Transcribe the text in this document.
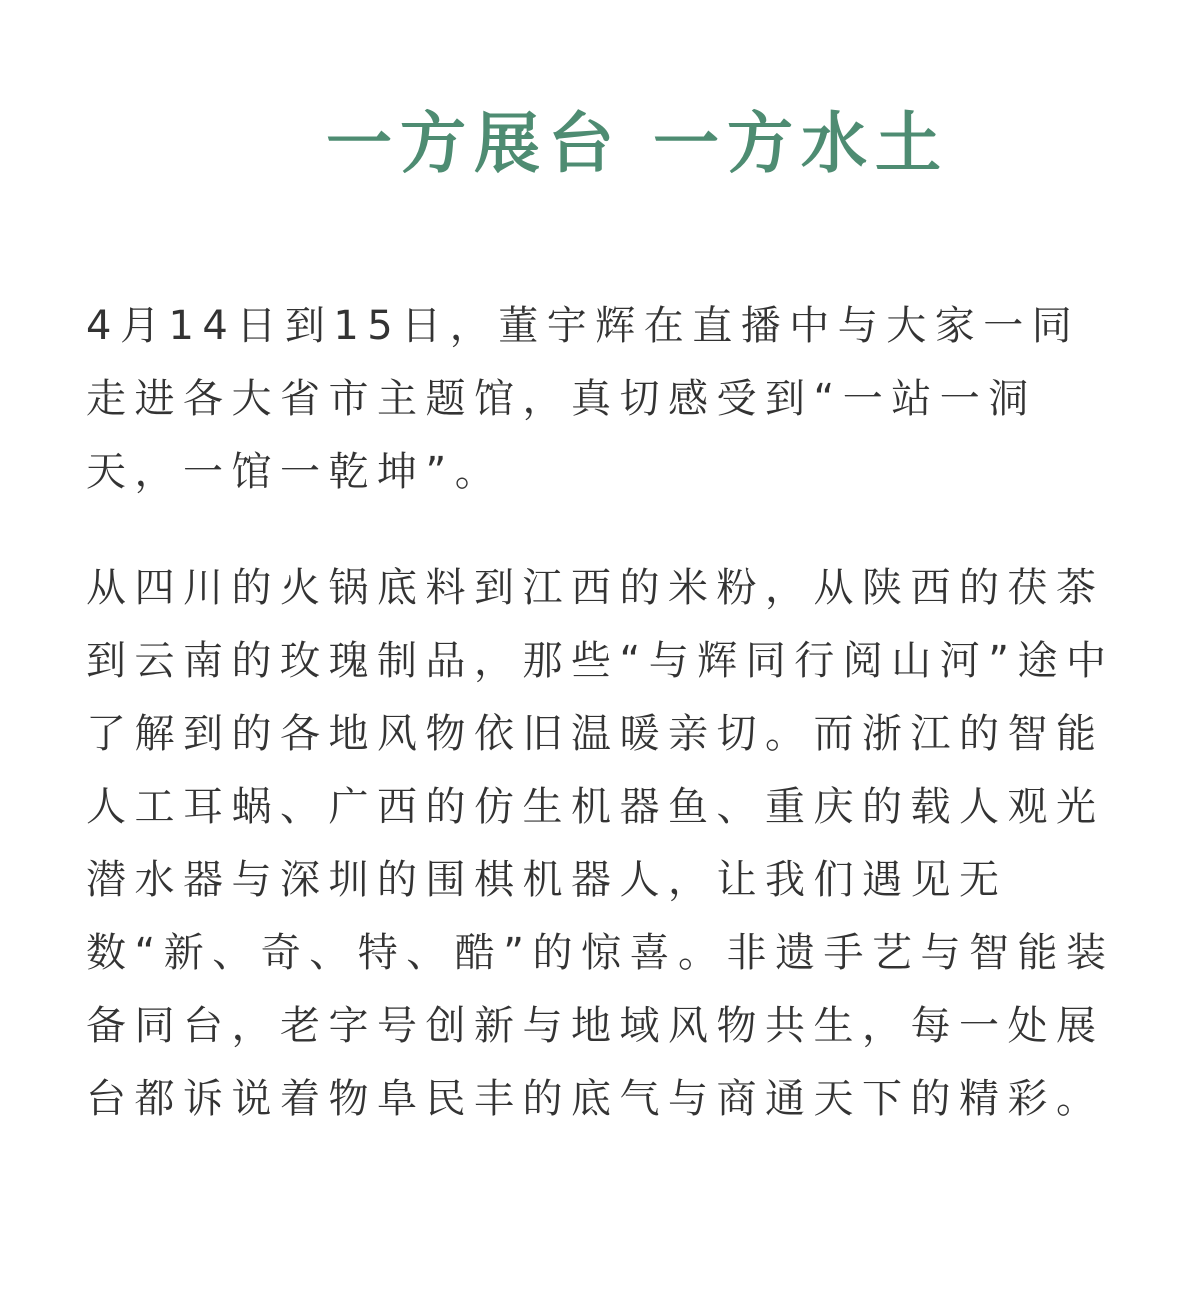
一方展台 一方水土

4月14日到15日，董宇辉在直播中与大家一同走进各大省市主题馆，真切感受到“一站一洞天，一馆一乾坤”。

从四川的火锅底料到江西的米粉，从陕西的茯茶到云南的玫瑰制品，那些“与辉同行阅山河”途中了解到的各地风物依旧温暖亲切。而浙江的智能人工耳蜗、广西的仿生机器鱼、重庆的载人观光潜水器与深圳的围棋机器人，让我们遇见无数“新、奇、特、酷”的惊喜。非遗手艺与智能装备同台，老字号创新与地域风物共生，每一处展台都诉说着物阜民丰的底气与商通天下的精彩。
